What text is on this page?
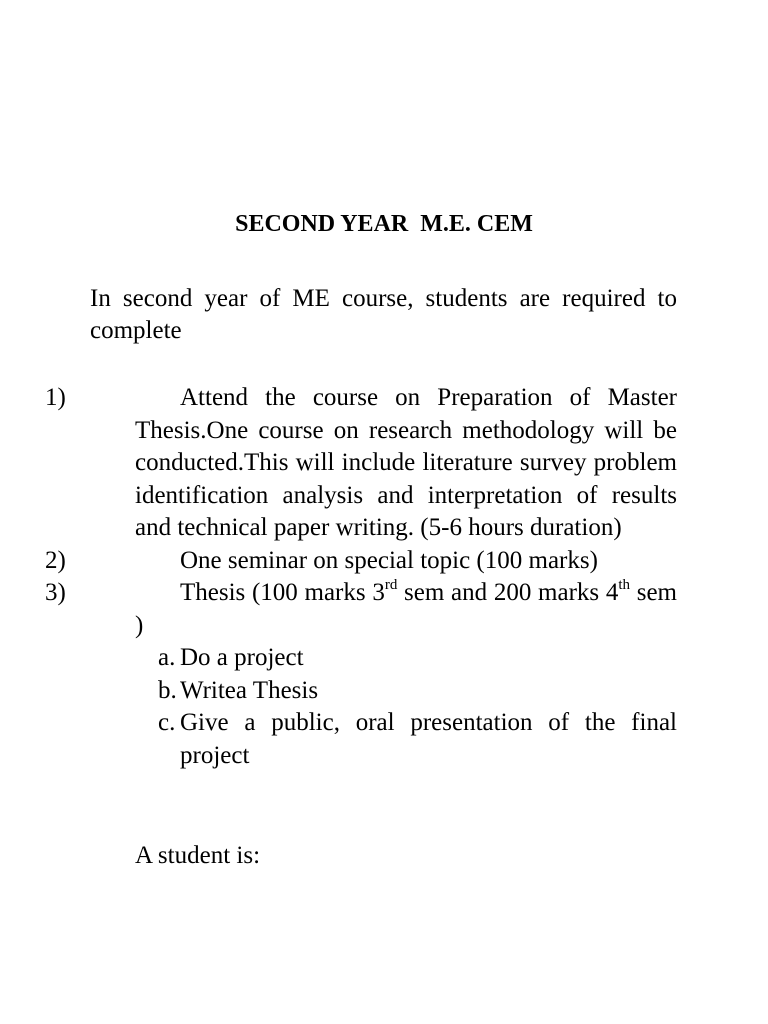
SECOND YEAR  M.E. CEM
In second year of ME course, students are required to complete
1)	Attend the course on Preparation of Master Thesis.One course on research methodology will be conducted.This will include literature survey problem identification analysis and interpretation of results and technical paper writing. (5-6 hours duration)
2)	One seminar on special topic (100 marks)
3)	Thesis (100 marks 3rd sem and 200 marks 4th sem )
a. Do a project
b. Writea Thesis
c. Give a public, oral presentation of the final project
A student is:
